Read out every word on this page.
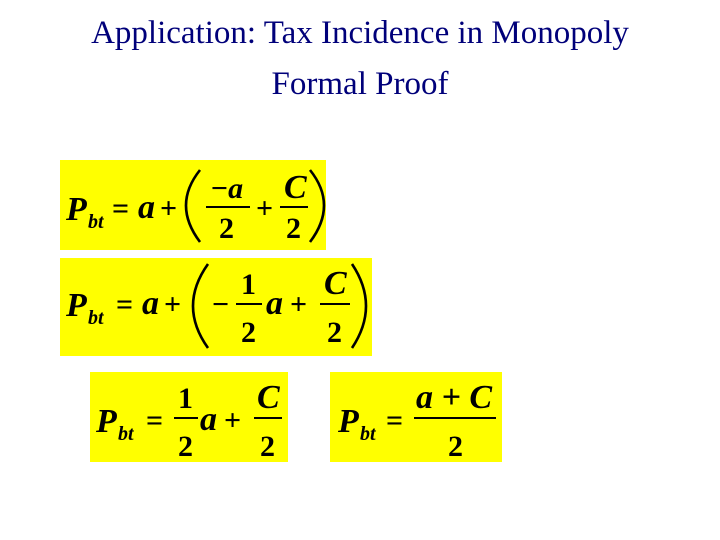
Application: Tax Incidence in Monopoly
Formal Proof
P bt = a +
−a
2
+
C
2
P bt = a + −
1
2
a +
C
2
P bt =
1
2
a +
C
2
P bt =
a + C
2
